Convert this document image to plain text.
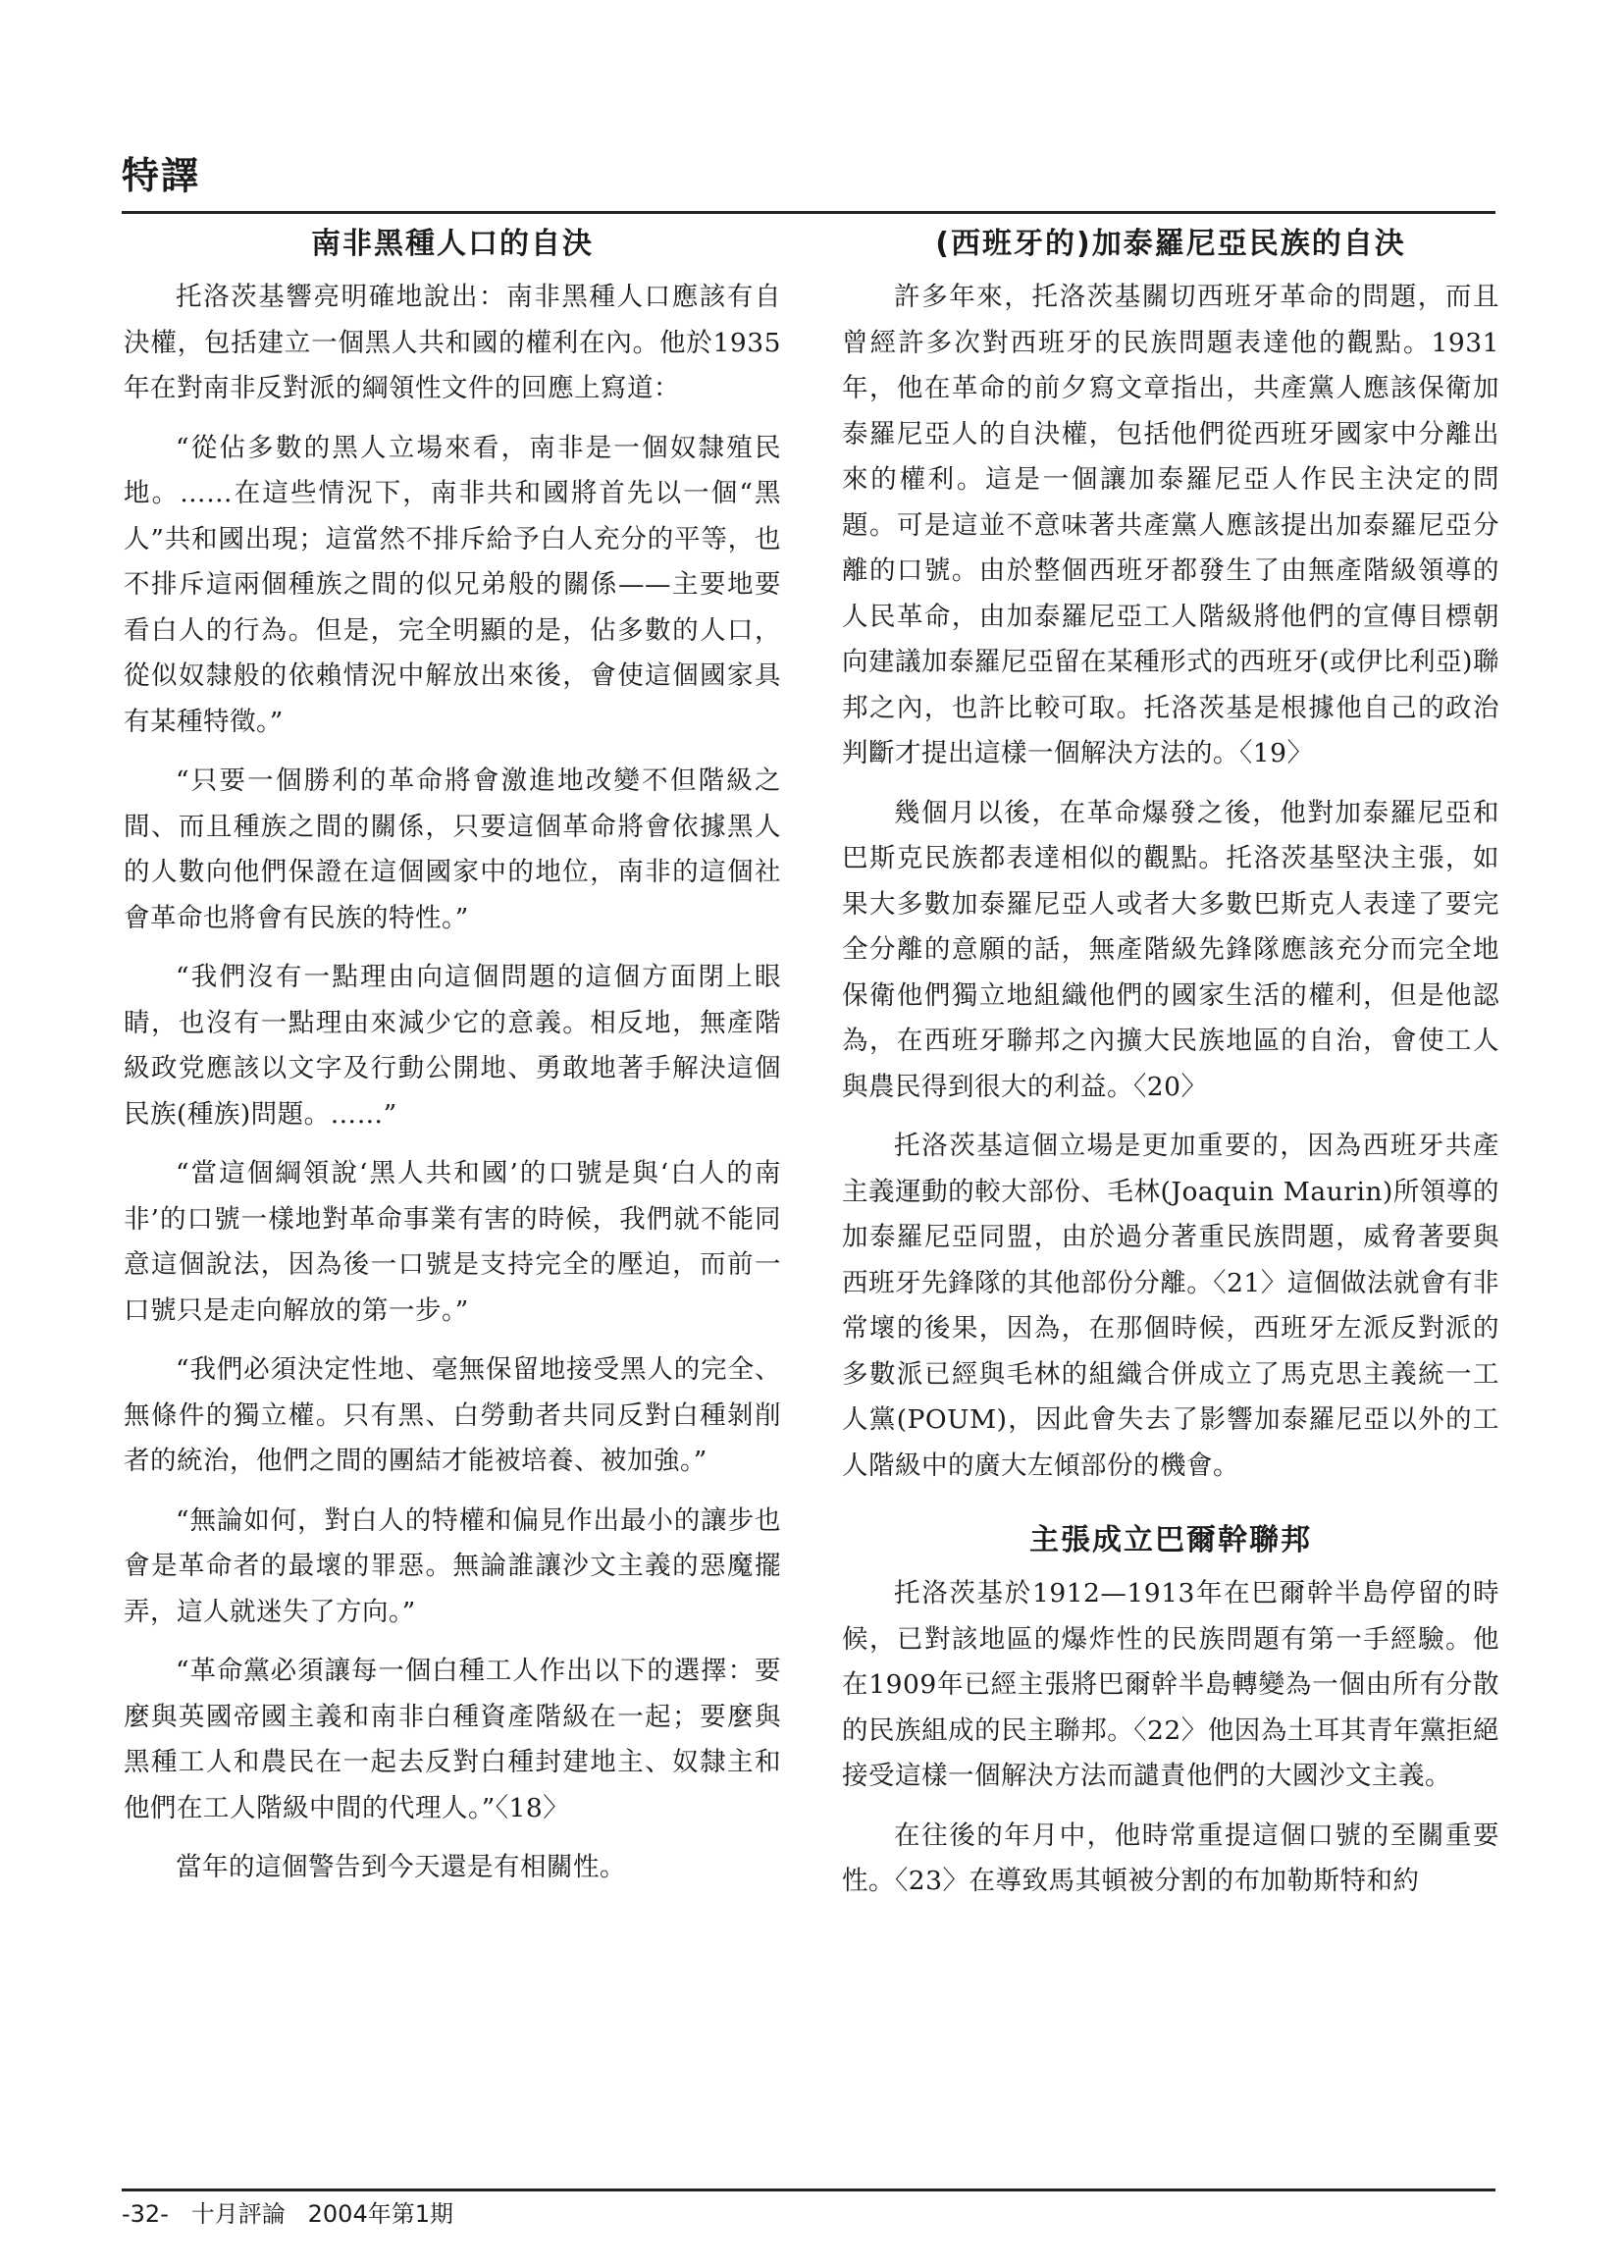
特譯
南非黑種人口的自決

托洛茨基響亮明確地說出：南非黑種人口應該有自決權，包括建立一個黑人共和國的權利在內。他於1935年在對南非反對派的綱領性文件的回應上寫道：

“從佔多數的黑人立場來看，南非是一個奴隸殖民地。……在這些情況下，南非共和國將首先以一個“黑人”共和國出現；這當然不排斥給予白人充分的平等，也不排斥這兩個種族之間的似兄弟般的關係——主要地要看白人的行為。但是，完全明顯的是，佔多數的人口，從似奴隸般的依賴情況中解放出來後，會使這個國家具有某種特徵。”

“只要一個勝利的革命將會激進地改變不但階級之間、而且種族之間的關係，只要這個革命將會依據黑人的人數向他們保證在這個國家中的地位，南非的這個社會革命也將會有民族的特性。”

“我們沒有一點理由向這個問題的這個方面閉上眼睛，也沒有一點理由來減少它的意義。相反地，無產階級政党應該以文字及行動公開地、勇敢地著手解決這個民族(種族)問題。……”

“當這個綱領說‘黑人共和國’的口號是與‘白人的南非’的口號一樣地對革命事業有害的時候，我們就不能同意這個說法，因為後一口號是支持完全的壓迫，而前一口號只是走向解放的第一步。”

“我們必須決定性地、毫無保留地接受黑人的完全、無條件的獨立權。只有黑、白勞動者共同反對白種剝削者的統治，他們之間的團結才能被培養、被加強。”

“無論如何，對白人的特權和偏見作出最小的讓步也會是革命者的最壞的罪惡。無論誰讓沙文主義的惡魔擺弄，這人就迷失了方向。”

“革命黨必須讓每一個白種工人作出以下的選擇：要麼與英國帝國主義和南非白種資產階級在一起；要麼與黑種工人和農民在一起去反對白種封建地主、奴隸主和他們在工人階級中間的代理人。”〈18〉

當年的這個警告到今天還是有相關性。

(西班牙的)加泰羅尼亞民族的自決

許多年來，托洛茨基關切西班牙革命的問題，而且曾經許多次對西班牙的民族問題表達他的觀點。1931年，他在革命的前夕寫文章指出，共產黨人應該保衛加泰羅尼亞人的自決權，包括他們從西班牙國家中分離出來的權利。這是一個讓加泰羅尼亞人作民主決定的問題。可是這並不意味著共產黨人應該提出加泰羅尼亞分離的口號。由於整個西班牙都發生了由無產階級領導的人民革命，由加泰羅尼亞工人階級將他們的宣傳目標朝向建議加泰羅尼亞留在某種形式的西班牙(或伊比利亞)聯邦之內，也許比較可取。托洛茨基是根據他自己的政治判斷才提出這樣一個解決方法的。〈19〉

幾個月以後，在革命爆發之後，他對加泰羅尼亞和巴斯克民族都表達相似的觀點。托洛茨基堅決主張，如果大多數加泰羅尼亞人或者大多數巴斯克人表達了要完全分離的意願的話，無產階級先鋒隊應該充分而完全地保衛他們獨立地組織他們的國家生活的權利，但是他認為，在西班牙聯邦之內擴大民族地區的自治，會使工人與農民得到很大的利益。〈20〉

托洛茨基這個立場是更加重要的，因為西班牙共產主義運動的較大部份、毛林(Joaquin Maurin)所領導的加泰羅尼亞同盟，由於過分著重民族問題，威脅著要與西班牙先鋒隊的其他部份分離。〈21〉這個做法就會有非常壞的後果，因為，在那個時候，西班牙左派反對派的多數派已經與毛林的組織合併成立了馬克思主義統一工人黨(POUM)，因此會失去了影響加泰羅尼亞以外的工人階級中的廣大左傾部份的機會。

主張成立巴爾幹聯邦

托洛茨基於1912—1913年在巴爾幹半島停留的時候，已對該地區的爆炸性的民族問題有第一手經驗。他在1909年已經主張將巴爾幹半島轉變為一個由所有分散的民族組成的民主聯邦。〈22〉他因為土耳其青年黨拒絕接受這樣一個解決方法而譴責他們的大國沙文主義。

在往後的年月中，他時常重提這個口號的至關重要性。〈23〉在導致馬其頓被分割的布加勒斯特和約

-32- 十月評論 2004年第1期
